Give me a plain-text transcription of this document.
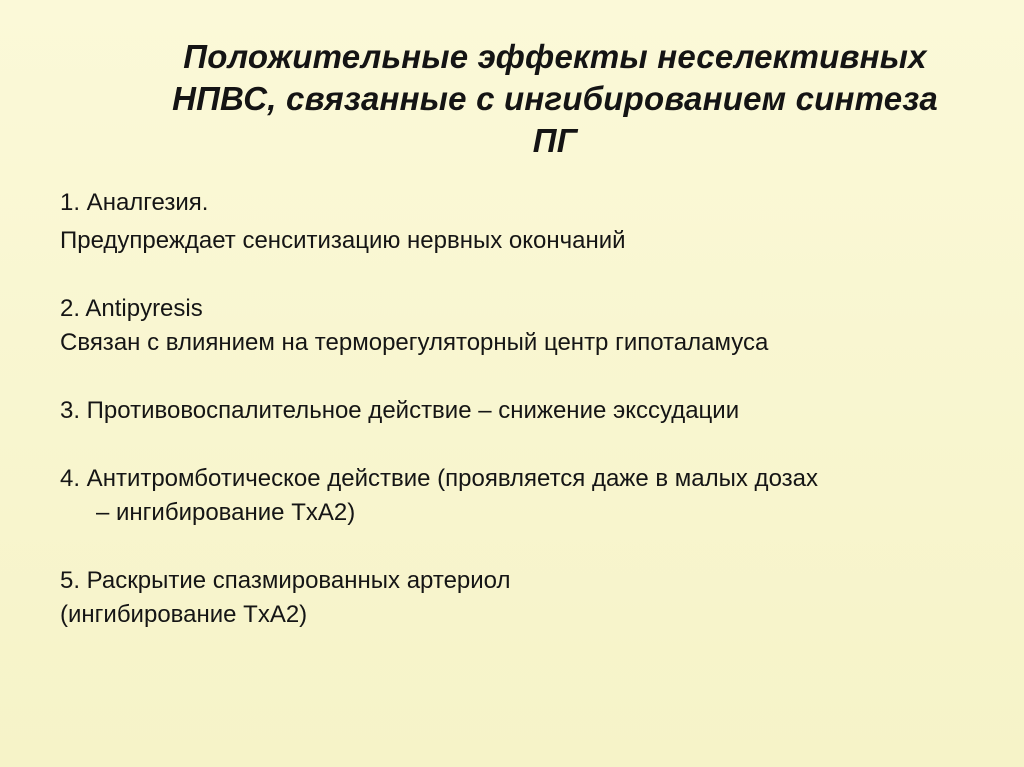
Положительные эффекты неселективных
НПВС, связанные с ингибированием синтеза
ПГ
1. Аналгезия.
Предупреждает сенситизацию нервных окончаний
2. Antipyresis
Связан с влиянием на терморегуляторный центр гипоталамуса
3. Противовоспалительное действие – снижение экссудации
4. Антитромботическое действие (проявляется даже в малых дозах
– ингибирование TxA2)
5. Раскрытие спазмированных артериол
(ингибирование TxA2)
